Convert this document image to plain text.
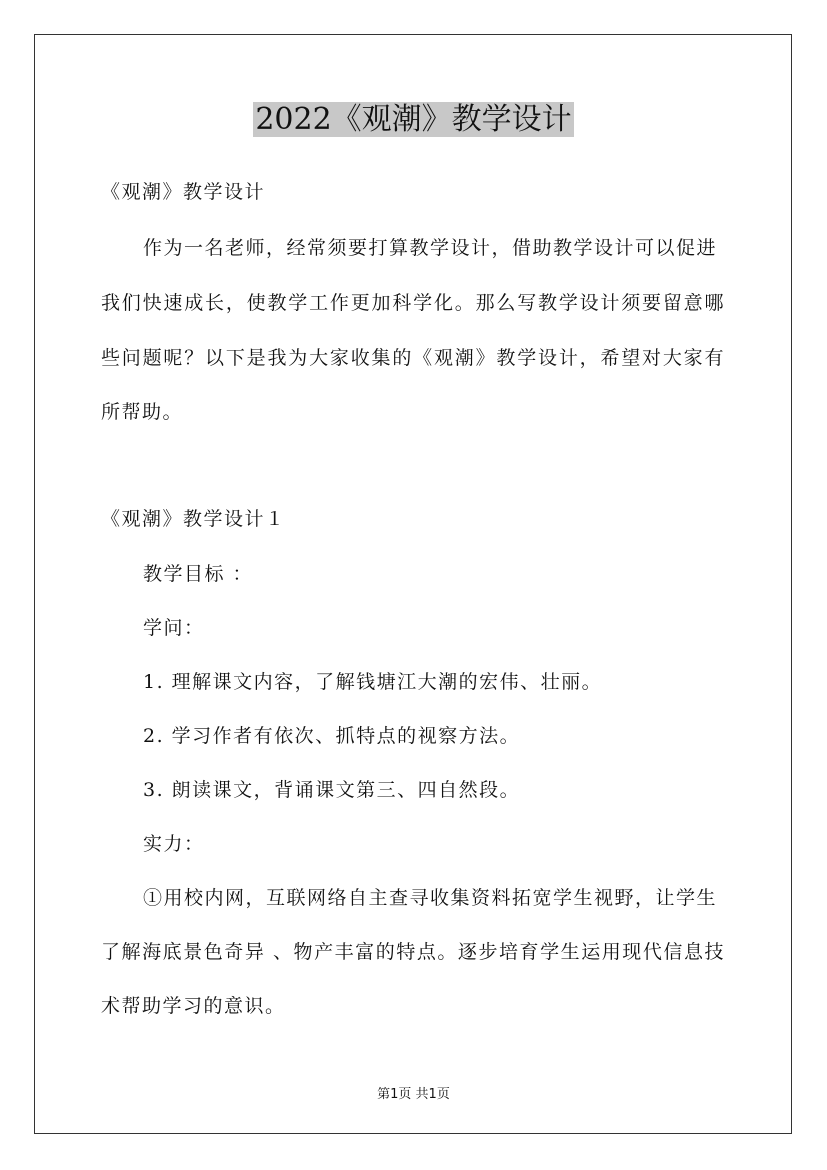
2022《观潮》教学设计
《观潮》教学设计
作为一名老师，经常须要打算教学设计，借助教学设计可以促进
我们快速成长，使教学工作更加科学化。那么写教学设计须要留意哪
些问题呢？以下是我为大家收集的《观潮》教学设计，希望对大家有
所帮助。
《观潮》教学设计１
教学目标 ：
学问：
1. 理解课文内容，了解钱塘江大潮的宏伟、壮丽。
2. 学习作者有依次、抓特点的视察方法。
3. 朗读课文，背诵课文第三、四自然段。
实力：
①用校内网，互联网络自主查寻收集资料拓宽学生视野，让学生
了解海底景色奇异 、物产丰富的特点。逐步培育学生运用现代信息技
术帮助学习的意识。
第1页 共1页
